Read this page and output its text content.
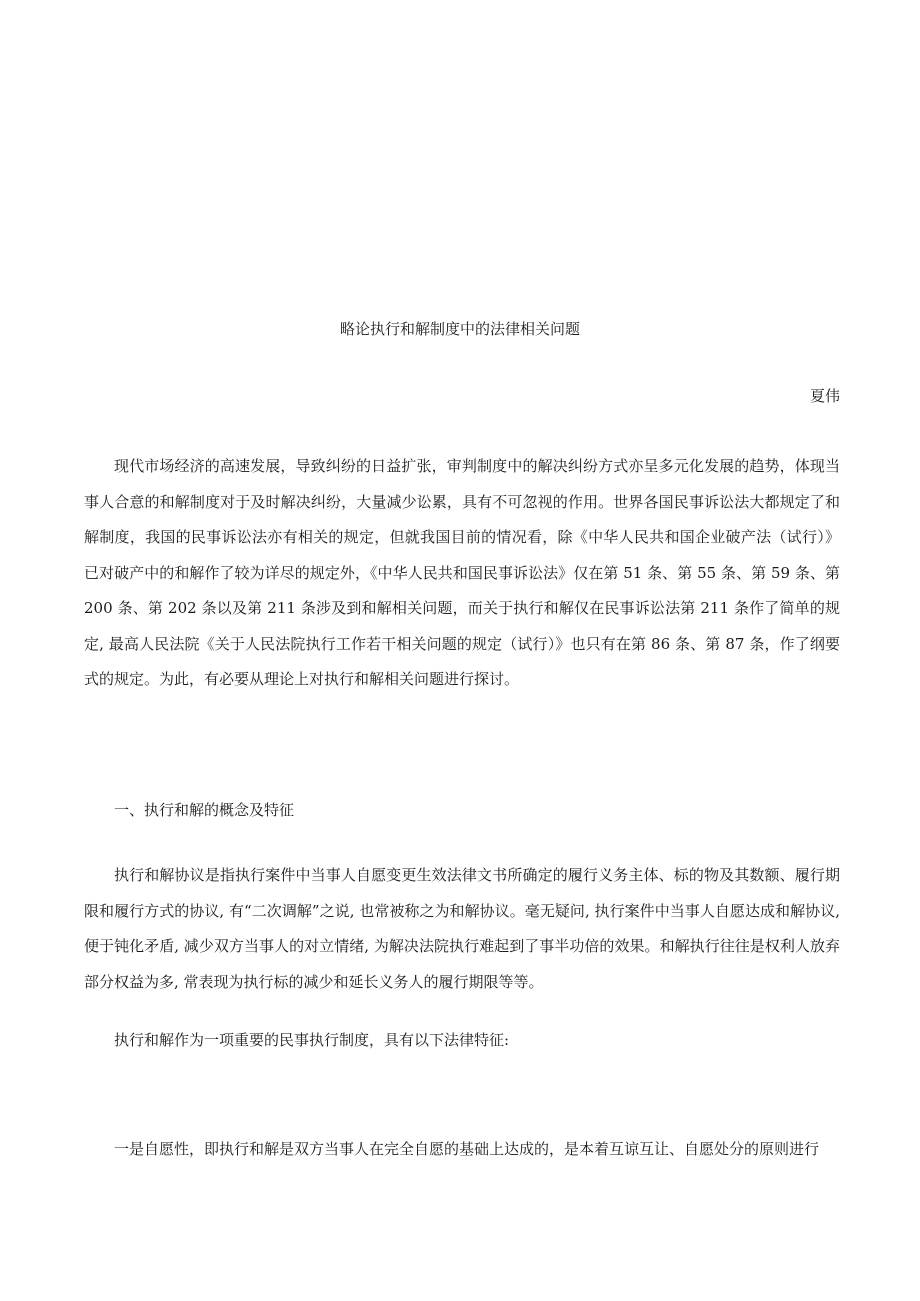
略论执行和解制度中的法律相关问题
夏伟

现代市场经济的高速发展，导致纠纷的日益扩张，审判制度中的解决纠纷方式亦呈多元化发展的趋势，体现当事人合意的和解制度对于及时解决纠纷，大量减少讼累，具有不可忽视的作用。世界各国民事诉讼法大都规定了和解制度，我国的民事诉讼法亦有相关的规定，但就我国目前的情况看，除《中华人民共和国企业破产法（试行）》已对破产中的和解作了较为详尽的规定外，《中华人民共和国民事诉讼法》仅在第 51 条、第 55 条、第 59 条、第 200 条、第 202 条以及第 211 条涉及到和解相关问题，而关于执行和解仅在民事诉讼法第 211 条作了简单的规定, 最高人民法院《关于人民法院执行工作若干相关问题的规定（试行）》也只有在第 86 条、第 87 条，作了纲要式的规定。为此，有必要从理论上对执行和解相关问题进行探讨。

一、执行和解的概念及特征

执行和解协议是指执行案件中当事人自愿变更生效法律文书所确定的履行义务主体、标的物及其数额、履行期限和履行方式的协议, 有“二次调解”之说, 也常被称之为和解协议。毫无疑问, 执行案件中当事人自愿达成和解协议, 便于钝化矛盾, 减少双方当事人的对立情绪, 为解决法院执行难起到了事半功倍的效果。和解执行往往是权利人放弃部分权益为多, 常表现为执行标的减少和延长义务人的履行期限等等。

执行和解作为一项重要的民事执行制度，具有以下法律特征:

一是自愿性，即执行和解是双方当事人在完全自愿的基础上达成的，是本着互谅互让、自愿处分的原则进行
